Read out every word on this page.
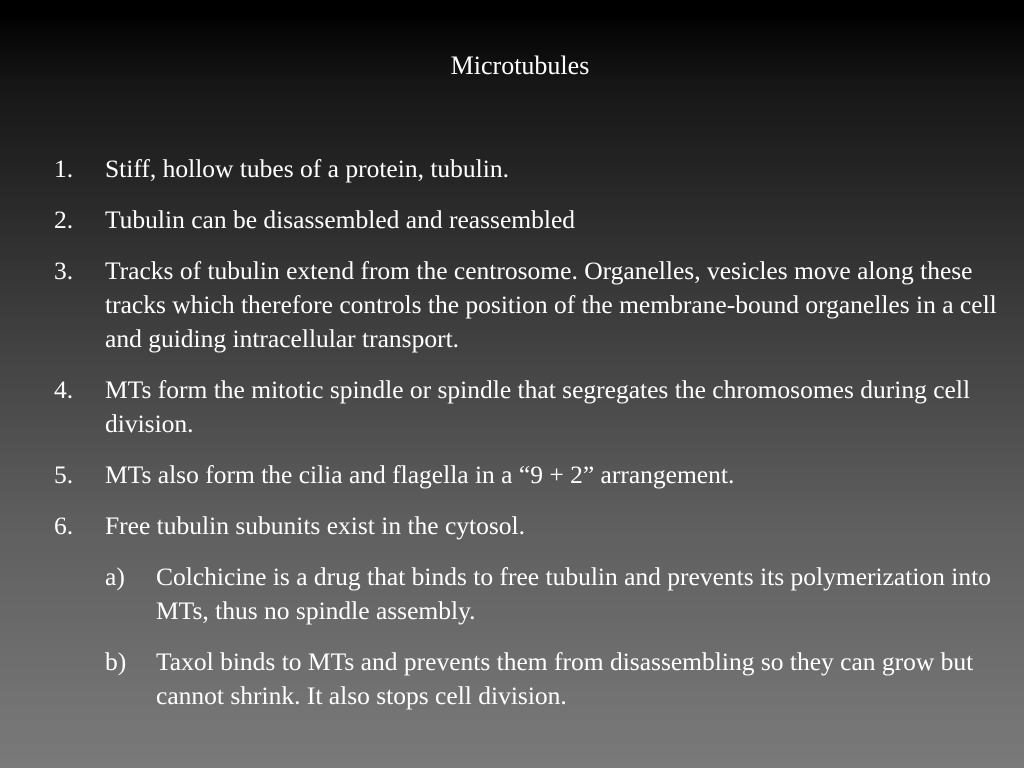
Microtubules
1. Stiff, hollow tubes of a protein, tubulin.
2. Tubulin can be disassembled and reassembled
3. Tracks of tubulin extend from the centrosome. Organelles, vesicles move along these tracks which therefore controls the position of the membrane-bound organelles in a cell and guiding intracellular transport.
4. MTs form the mitotic spindle or spindle that segregates the chromosomes during cell division.
5. MTs also form the cilia and flagella in a “9 + 2” arrangement.
6. Free tubulin subunits exist in the cytosol.
a) Colchicine is a drug that binds to free tubulin and prevents its polymerization into MTs, thus no spindle assembly.
b) Taxol binds to MTs and prevents them from disassembling so they can grow but cannot shrink. It also stops cell division.
